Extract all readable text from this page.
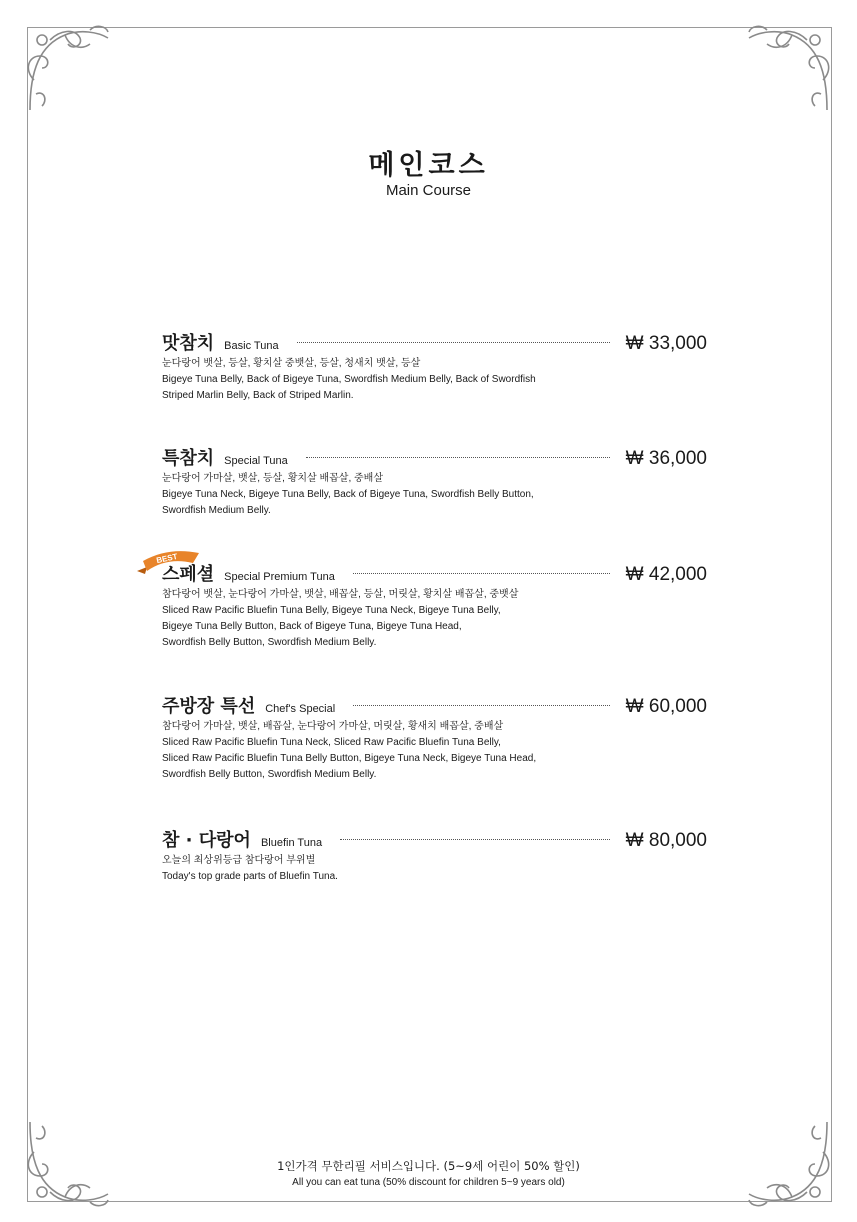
메인코스
Main Course
맛참치 Basic Tuna	₩ 33,000
눈다랑어 뱃살, 등살, 황치살 중뱃살, 등살, 청새치 뱃살, 등살
Bigeye Tuna Belly, Back of Bigeye Tuna, Swordfish Medium Belly, Back of Swordfish
Striped Marlin Belly, Back of Striped Marlin.
특참치 Special Tuna	₩ 36,000
눈다랑어 가마살, 뱃살, 등살, 황치살 배꼽살, 중배살
Bigeye Tuna Neck, Bigeye Tuna Belly, Back of Bigeye Tuna, Swordfish Belly Button,
Swordfish Medium Belly.
BEST
스페셜 Special Premium Tuna	₩ 42,000
참다랑어 뱃살, 눈다랑어 가마살, 뱃살, 배꼽살, 등살, 머릿살, 황치살 배꼽살, 중뱃살
Sliced Raw Pacific Bluefin Tuna Belly, Bigeye Tuna Neck, Bigeye Tuna Belly,
Bigeye Tuna Belly Button, Back of Bigeye Tuna, Bigeye Tuna Head,
Swordfish Belly Button, Swordfish Medium Belly.
주방장 특선 Chef's Special	₩ 60,000
참다랑어 가마살, 뱃살, 배꼽살, 눈다랑어 가마살, 머릿살, 황새치 배꼽살, 중배살
Sliced Raw Pacific Bluefin Tuna Neck, Sliced Raw Pacific Bluefin Tuna Belly,
Sliced Raw Pacific Bluefin Tuna Belly Button, Bigeye Tuna Neck, Bigeye Tuna Head,
Swordfish Belly Button, Swordfish Medium Belly.
참 · 다랑어 Bluefin Tuna	₩ 80,000
오늘의 최상위등급 참다랑어 부위별
Today's top grade parts of Bluefin Tuna.
1인가격 무한리필 서비스입니다. (5~9세 어린이 50% 할인)
All you can eat tuna (50% discount for children 5~9 years old)
